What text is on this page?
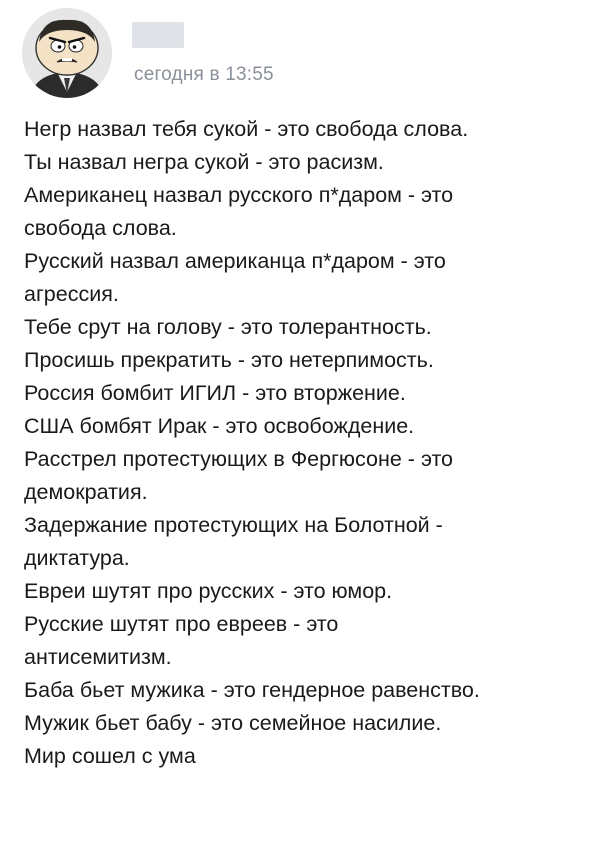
сегодня в 13:55
Негр назвал тебя сукой - это свобода слова.
Ты назвал негра сукой - это расизм.
Американец назвал русского п*даром - это
свобода слова.
Русский назвал американца п*даром - это
агрессия.
Тебе срут на голову - это толерантность.
Просишь прекратить - это нетерпимость.
Россия бомбит ИГИЛ - это вторжение.
США бомбят Ирак - это освобождение.
Расстрел протестующих в Фергюсоне - это
демократия.
Задержание протестующих на Болотной -
диктатура.
Евреи шутят про русских - это юмор.
Русские шутят про евреев - это
антисемитизм.
Баба бьет мужика - это гендерное равенство.
Мужик бьет бабу - это семейное насилие.
Мир сошел с ума
